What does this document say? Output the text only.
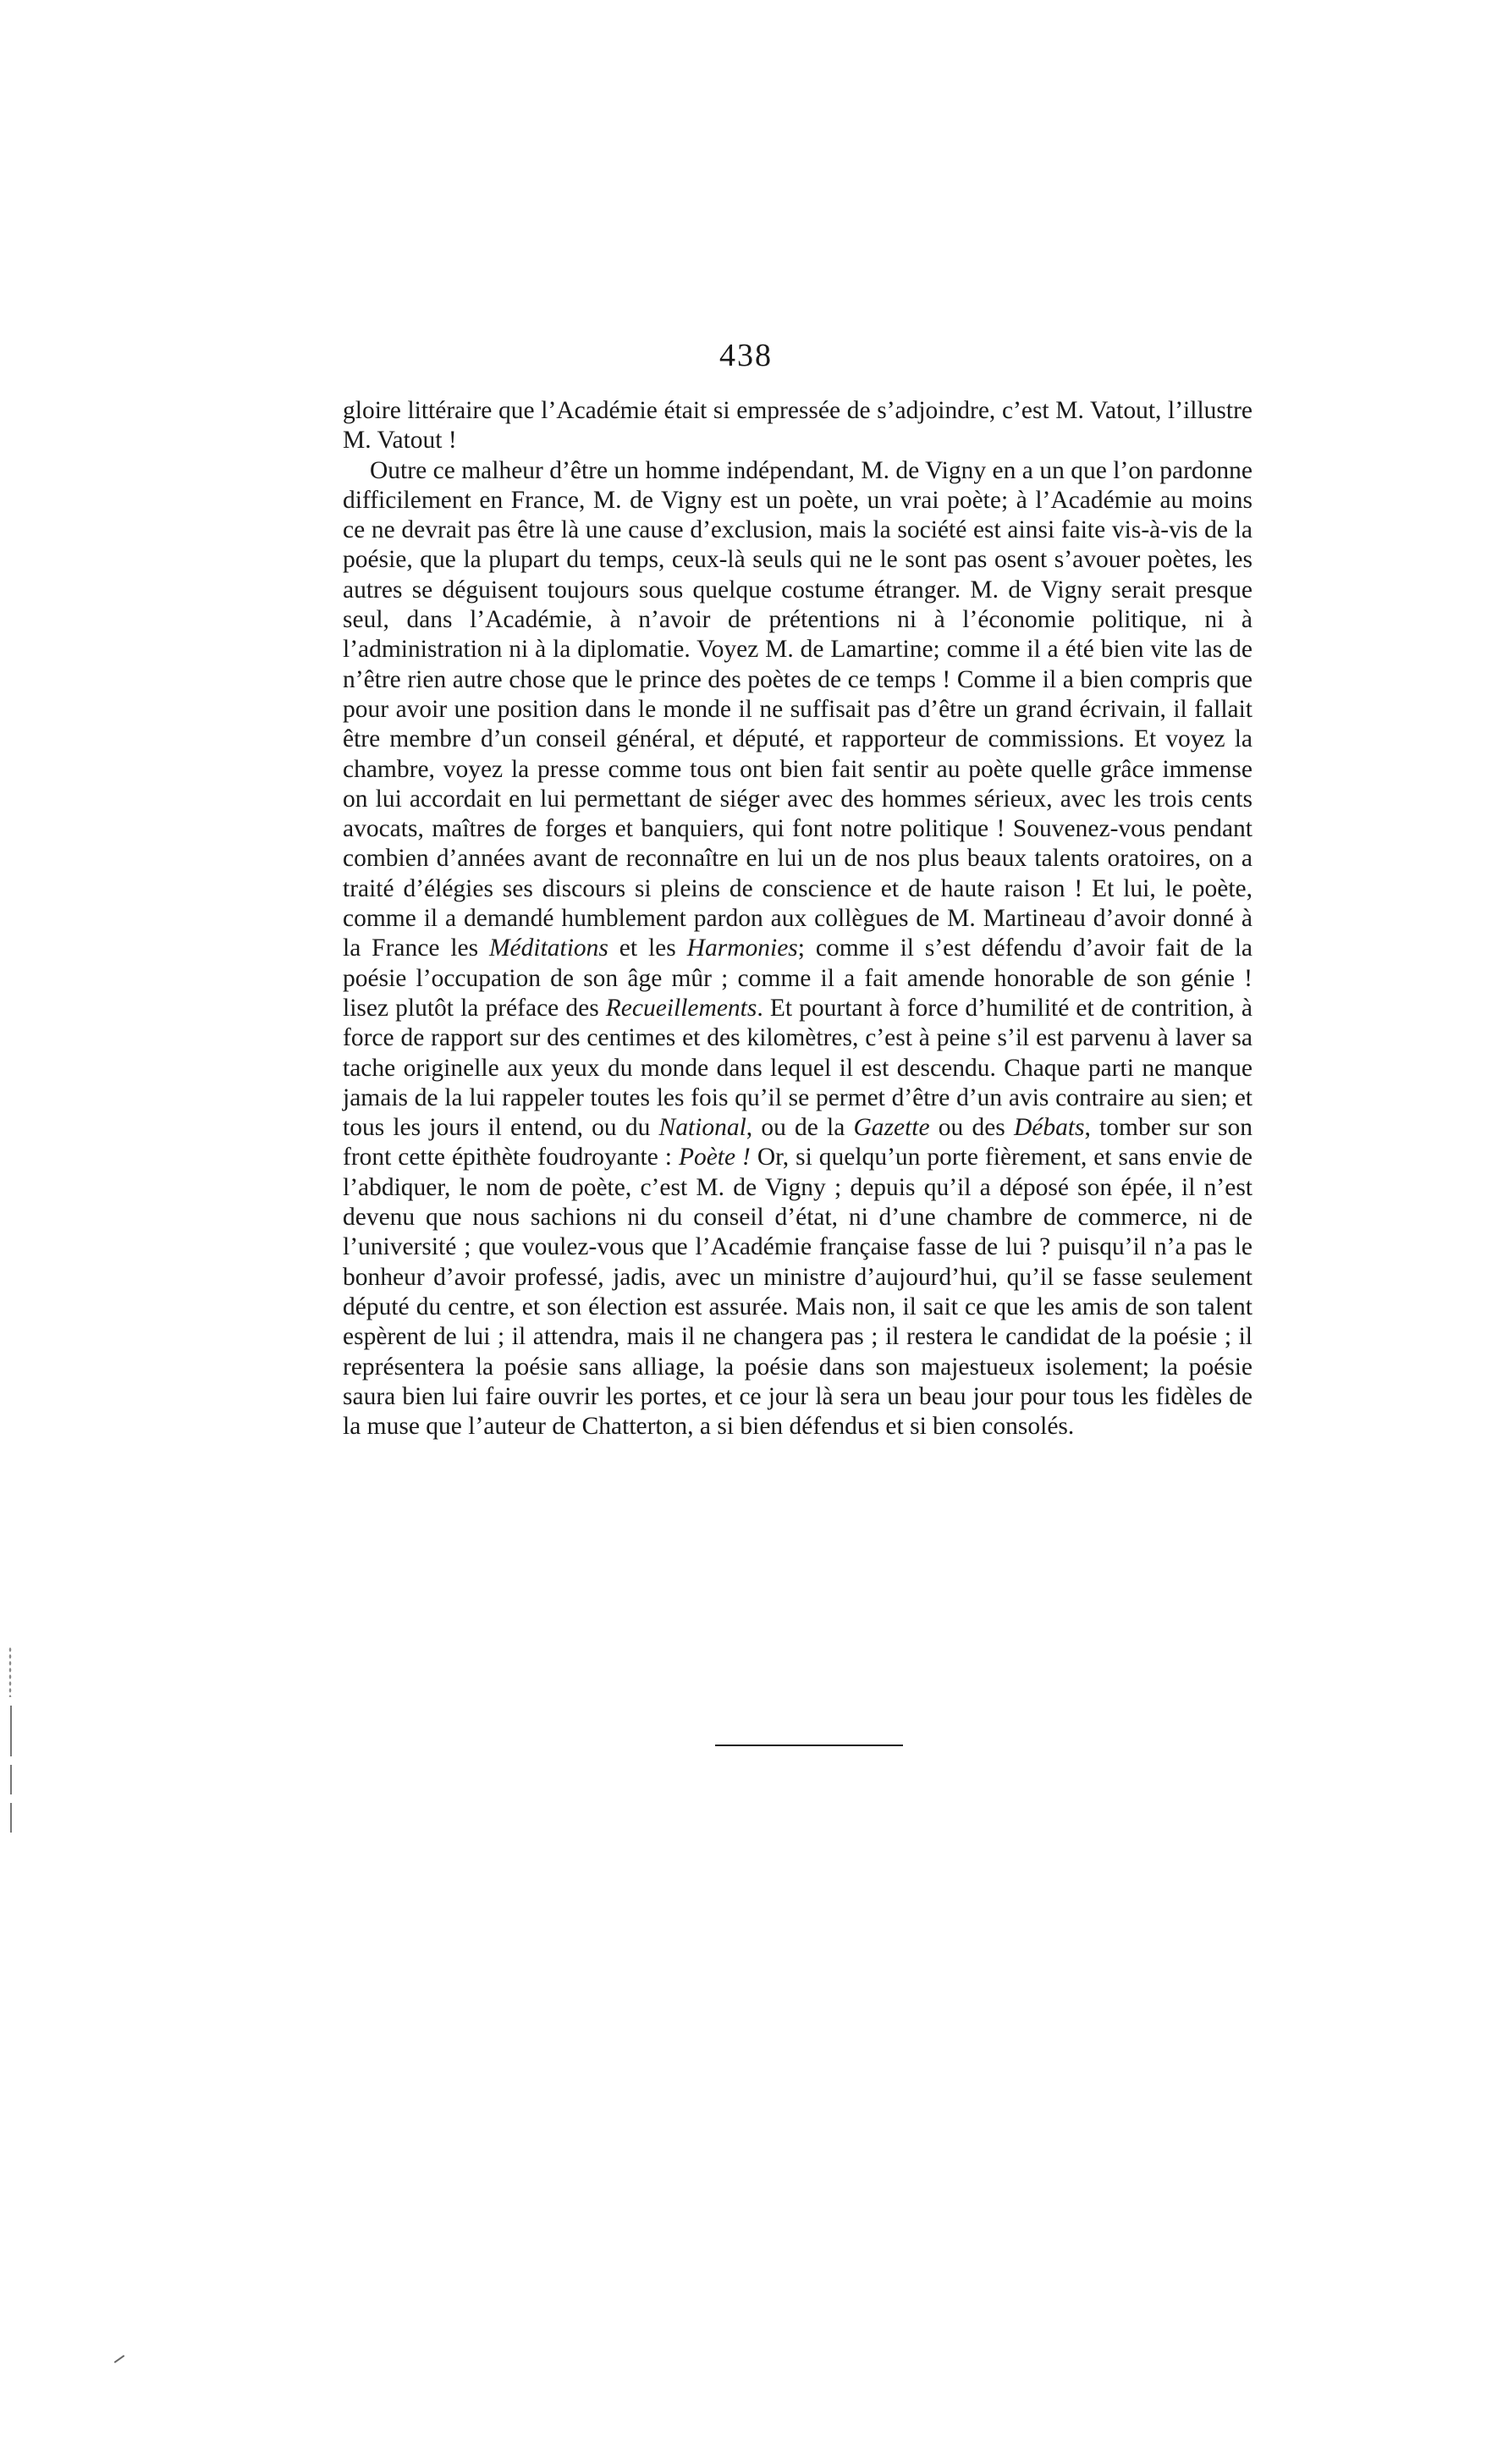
438

gloire littéraire que l’Académie était si empressée de s’adjoindre, c’est M. Vatout, l’illustre M. Vatout !

Outre ce malheur d’être un homme indépendant, M. de Vigny en a un que l’on pardonne difficilement en France, M. de Vigny est un poète, un vrai poète; à l’Académie au moins ce ne devrait pas être là une cause d’exclusion, mais la société est ainsi faite vis-à-vis de la poésie, que la plupart du temps, ceux-là seuls qui ne le sont pas osent s’avouer poètes, les autres se déguisent toujours sous quelque costume étranger. M. de Vigny serait presque seul, dans l’Académie, à n’avoir de prétentions ni à l’économie politique, ni à l’administration ni à la diplomatie. Voyez M. de Lamartine; comme il a été bien vite las de n’être rien autre chose que le prince des poètes de ce temps ! Comme il a bien compris que pour avoir une position dans le monde il ne suffisait pas d’être un grand écrivain, il fallait être membre d’un conseil général, et député, et rapporteur de commissions. Et voyez la chambre, voyez la presse comme tous ont bien fait sentir au poète quelle grâce immense on lui accordait en lui permettant de siéger avec des hommes sérieux, avec les trois cents avocats, maîtres de forges et banquiers, qui font notre politique ! Souvenez-vous pendant combien d’années avant de reconnaître en lui un de nos plus beaux talents oratoires, on a traité d’élégies ses discours si pleins de conscience et de haute raison ! Et lui, le poète, comme il a demandé humblement pardon aux collègues de M. Martineau d’avoir donné à la France les Méditations et les Harmonies; comme il s’est défendu d’avoir fait de la poésie l’occupation de son âge mûr ; comme il a fait amende honorable de son génie ! lisez plutôt la préface des Recueillements. Et pourtant à force d’humilité et de contrition, à force de rapport sur des centimes et des kilomètres, c’est à peine s’il est parvenu à laver sa tache originelle aux yeux du monde dans lequel il est descendu. Chaque parti ne manque jamais de la lui rappeler toutes les fois qu’il se permet d’être d’un avis contraire au sien; et tous les jours il entend, ou du National, ou de la Gazette ou des Débats, tomber sur son front cette épithète foudroyante : Poète ! Or, si quelqu’un porte fièrement, et sans envie de l’abdiquer, le nom de poète, c’est M. de Vigny ; depuis qu’il a déposé son épée, il n’est devenu que nous sachions ni du conseil d’état, ni d’une chambre de commerce, ni de l’université ; que voulez-vous que l’Académie française fasse de lui ? puisqu’il n’a pas le bonheur d’avoir professé, jadis, avec un ministre d’aujourd’hui, qu’il se fasse seulement député du centre, et son élection est assurée. Mais non, il sait ce que les amis de son talent espèrent de lui ; il attendra, mais il ne changera pas ; il restera le candidat de la poésie ; il représentera la poésie sans alliage, la poésie dans son majestueux isolement; la poésie saura bien lui faire ouvrir les portes, et ce jour là sera un beau jour pour tous les fidèles de la muse que l’auteur de Chatterton, a si bien défendus et si bien consolés.
